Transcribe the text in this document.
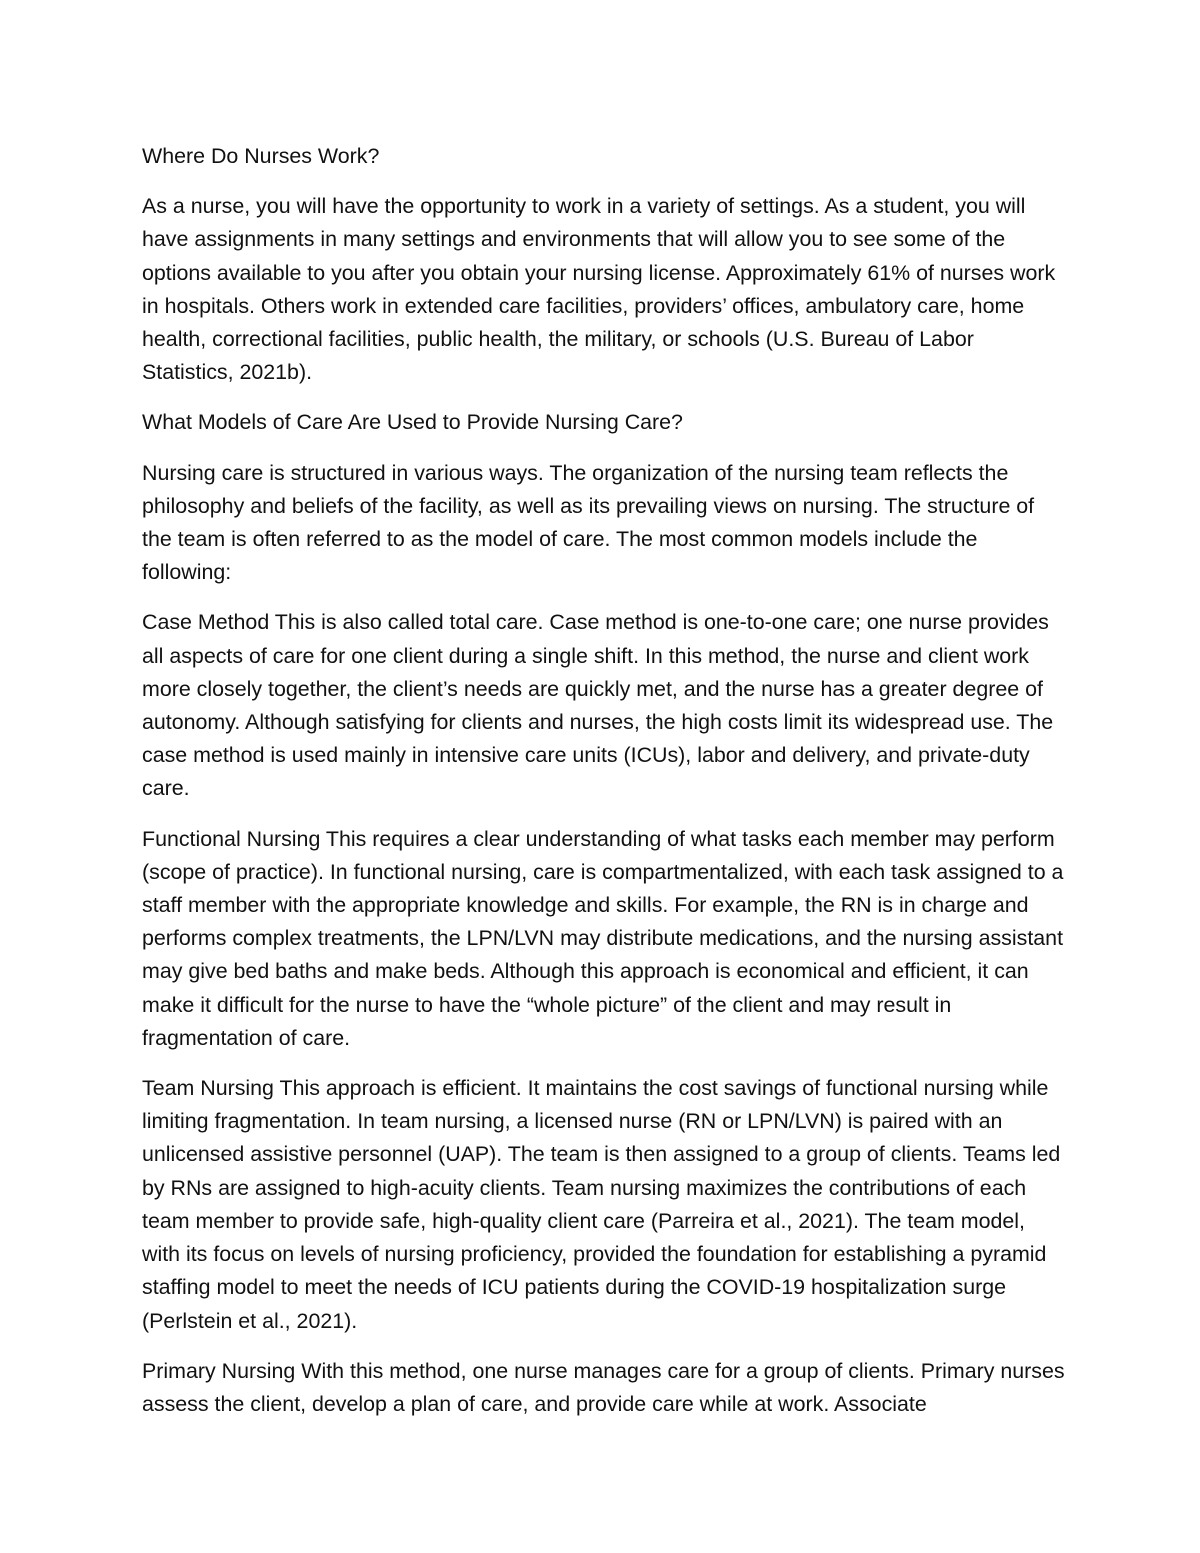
Where Do Nurses Work?

As a nurse, you will have the opportunity to work in a variety of settings. As a student, you will have assignments in many settings and environments that will allow you to see some of the options available to you after you obtain your nursing license. Approximately 61% of nurses work in hospitals. Others work in extended care facilities, providers’ offices, ambulatory care, home health, correctional facilities, public health, the military, or schools (U.S. Bureau of Labor Statistics, 2021b).

What Models of Care Are Used to Provide Nursing Care?

Nursing care is structured in various ways. The organization of the nursing team reflects the philosophy and beliefs of the facility, as well as its prevailing views on nursing. The structure of the team is often referred to as the model of care. The most common models include the following:

Case Method This is also called total care. Case method is one-to-one care; one nurse provides all aspects of care for one client during a single shift. In this method, the nurse and client work more closely together, the client’s needs are quickly met, and the nurse has a greater degree of autonomy. Although satisfying for clients and nurses, the high costs limit its widespread use. The case method is used mainly in intensive care units (ICUs), labor and delivery, and private-duty care.

Functional Nursing This requires a clear understanding of what tasks each member may perform (scope of practice). In functional nursing, care is compartmentalized, with each task assigned to a staff member with the appropriate knowledge and skills. For example, the RN is in charge and performs complex treatments, the LPN/LVN may distribute medications, and the nursing assistant may give bed baths and make beds. Although this approach is economical and efficient, it can make it difficult for the nurse to have the “whole picture” of the client and may result in fragmentation of care.

Team Nursing This approach is efficient. It maintains the cost savings of functional nursing while limiting fragmentation. In team nursing, a licensed nurse (RN or LPN/LVN) is paired with an unlicensed assistive personnel (UAP). The team is then assigned to a group of clients. Teams led by RNs are assigned to high-acuity clients. Team nursing maximizes the contributions of each team member to provide safe, high-quality client care (Parreira et al., 2021). The team model, with its focus on levels of nursing proficiency, provided the foundation for establishing a pyramid staffing model to meet the needs of ICU patients during the COVID-19 hospitalization surge (Perlstein et al., 2021).

Primary Nursing With this method, one nurse manages care for a group of clients. Primary nurses assess the client, develop a plan of care, and provide care while at work. Associate
